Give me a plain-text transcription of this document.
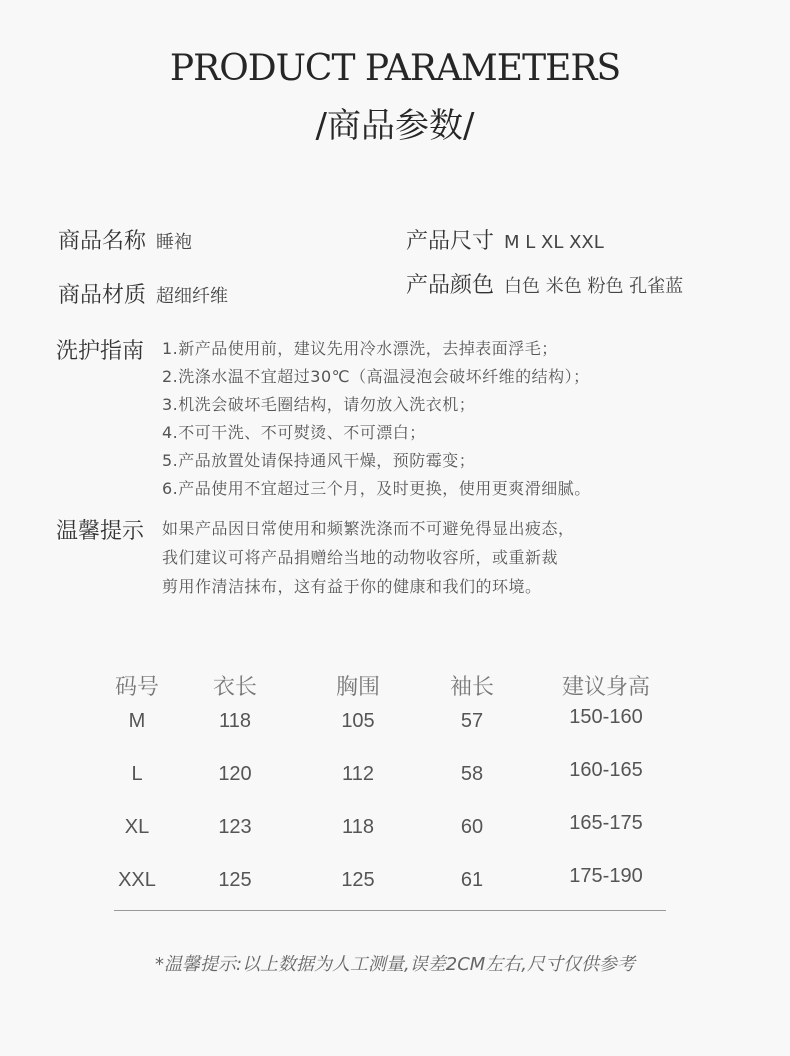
PRODUCT PARAMETERS
/商品参数/
商品名称 睡袍	产品尺寸 M L XL XXL
商品材质 超细纤维	产品颜色 白色 米色 粉色 孔雀蓝
洗护指南 1.新产品使用前，建议先用冷水漂洗，去掉表面浮毛；
2.洗涤水温不宜超过30℃（高温浸泡会破坏纤维的结构）；
3.机洗会破坏毛圈结构，请勿放入洗衣机；
4.不可干洗、不可熨烫、不可漂白；
5.产品放置处请保持通风干燥，预防霉变；
6.产品使用不宜超过三个月，及时更换，使用更爽滑细腻。
温馨提示 如果产品因日常使用和频繁洗涤而不可避免得显出疲态，
我们建议可将产品捐赠给当地的动物收容所，或重新裁
剪用作清洁抹布，这有益于你的健康和我们的环境。
码号 衣长	胸围	袖长	建议身高
M	118	105	57	150-160
L	120	112	58	160-165
XL	123	118	60	165-175
XXL	125	125	61	175-190
*温馨提示:以上数据为人工测量,误差2CM左右,尺寸仅供参考
